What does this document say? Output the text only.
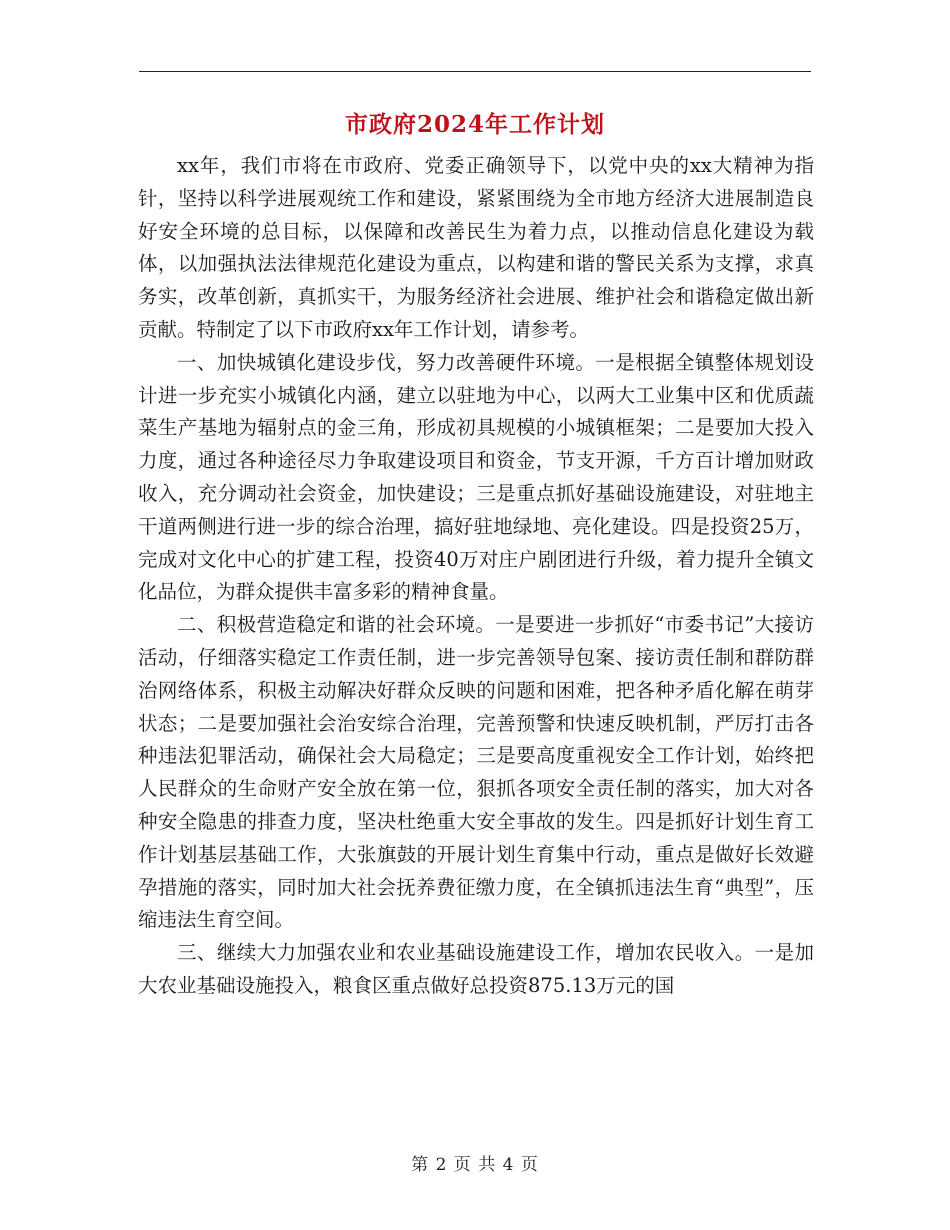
市政府2024年工作计划

xx年，我们市将在市政府、党委正确领导下，以党中央的xx大精神为指针，坚持以科学进展观统工作和建设，紧紧围绕为全市地方经济大进展制造良好安全环境的总目标，以保障和改善民生为着力点，以推动信息化建设为载体，以加强执法法律规范化建设为重点，以构建和谐的警民关系为支撑，求真务实，改革创新，真抓实干，为服务经济社会进展、维护社会和谐稳定做出新贡献。特制定了以下市政府xx年工作计划，请参考。

一、加快城镇化建设步伐，努力改善硬件环境。一是根据全镇整体规划设计进一步充实小城镇化内涵，建立以驻地为中心，以两大工业集中区和优质蔬菜生产基地为辐射点的金三角，形成初具规模的小城镇框架；二是要加大投入力度，通过各种途径尽力争取建设项目和资金，节支开源，千方百计增加财政收入，充分调动社会资金，加快建设；三是重点抓好基础设施建设，对驻地主干道两侧进行进一步的综合治理，搞好驻地绿地、亮化建设。四是投资25万，完成对文化中心的扩建工程，投资40万对庄户剧团进行升级，着力提升全镇文化品位，为群众提供丰富多彩的精神食量。

二、积极营造稳定和谐的社会环境。一是要进一步抓好“市委书记”大接访活动，仔细落实稳定工作责任制，进一步完善领导包案、接访责任制和群防群治网络体系，积极主动解决好群众反映的问题和困难，把各种矛盾化解在萌芽状态；二是要加强社会治安综合治理，完善预警和快速反映机制，严厉打击各种违法犯罪活动，确保社会大局稳定；三是要高度重视安全工作计划，始终把人民群众的生命财产安全放在第一位，狠抓各项安全责任制的落实，加大对各种安全隐患的排查力度，坚决杜绝重大安全事故的发生。四是抓好计划生育工作计划基层基础工作，大张旗鼓的开展计划生育集中行动，重点是做好长效避孕措施的落实，同时加大社会抚养费征缴力度，在全镇抓违法生育“典型”，压缩违法生育空间。

三、继续大力加强农业和农业基础设施建设工作，增加农民收入。一是加大农业基础设施投入，粮食区重点做好总投资875.13万元的国

第 2 页 共 4 页
